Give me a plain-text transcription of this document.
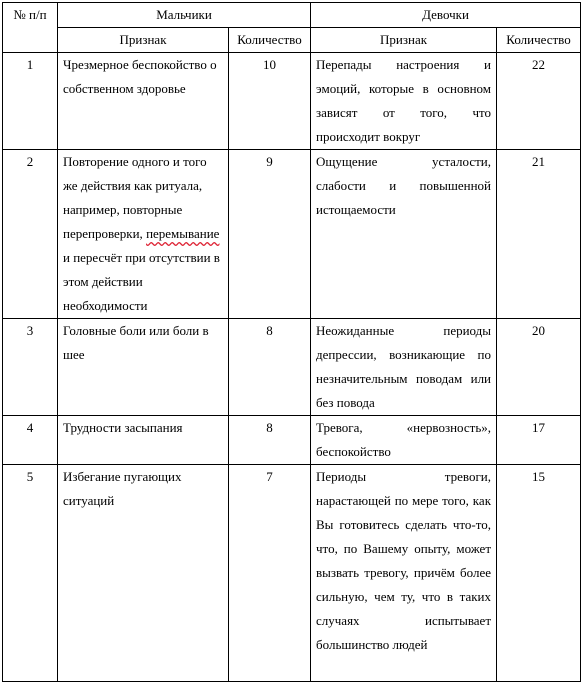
№ п/п	Мальчики		Девочки	
	Признак	Количество	Признак	Количество
1	Чрезмерное беспокойство о собственном здоровье	10	Перепады настроения и эмоций, которые в основном зависят от того, что происходит вокруг	22
2	Повторение одного и того же действия как ритуала, например, повторные перепроверки, перемывание и пересчёт при отсутствии в этом действии необходимости	9	Ощущение усталости, слабости и повышенной истощаемости	21
3	Головные боли или боли в шее	8	Неожиданные периоды депрессии, возникающие по незначительным поводам или без повода	20
4	Трудности засыпания	8	Тревога, «нервозность», беспокойство	17
5	Избегание пугающих ситуаций	7	Периоды тревоги, нарастающей по мере того, как Вы готовитесь сделать что-то, что, по Вашему опыту, может вызвать тревогу, причём более сильную, чем ту, что в таких случаях испытывает большинство людей	15
